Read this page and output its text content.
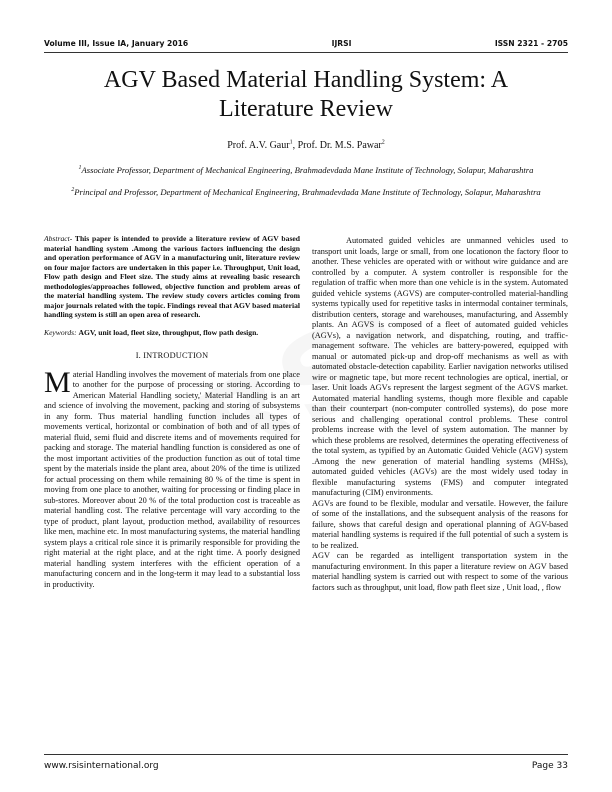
Volume III, Issue IA, January 2016	IJRSI	ISSN 2321 - 2705
AGV Based Material Handling System: A Literature Review
Prof. A.V. Gaur$^1$, Prof. Dr. M.S. Pawar$^2$
$^1$Associate Professor, Department of Mechanical Engineering, Brahmadevdada Mane Institute of Technology, Solapur, Maharashtra
$^2$Principal and Professor, Department of Mechanical Engineering, Brahmadevdada Mane Institute of Technology, Solapur, Maharashtra

Abstract- This paper is intended to provide a literature review of AGV based material handling system .Among the various factors influencing the design and operation performance of AGV in a manufacturing unit, literature review on four major factors are undertaken in this paper i.e. Throughput, Unit load, Flow path design and Fleet size. The study aims at revealing basic research methodologies/approaches followed, objective function and problem areas of the material handling system. The review study covers articles coming from major journals related with the topic. Findings reveal that AGV based material handling system is still an open area of research.

Keywords: AGV, unit load, fleet size, throughput, flow path design.

I. INTRODUCTION

Material Handling involves the movement of materials from one place to another for the purpose of processing or storing. According to American Material Handling society,' Material Handling is an art and science of involving the movement, packing and storing of subsystems in any form. Thus material handling function includes all types of movements vertical, horizontal or combination of both and of all types of material fluid, semi fluid and discrete items and of movements required for packing and storage. The material handling function is considered as one of the most important activities of the production function as out of total time spent by the materials inside the plant area, about 20% of the time is utilized for actual processing on them while remaining 80 % of the time is spent in moving from one place to another, waiting for processing or finding place in sub-stores. Moreover about 20 % of the total production cost is traceable as material handling cost. The relative percentage will vary according to the type of product, plant layout, production method, availability of resources like men, machine etc. In most manufacturing systems, the material handling system plays a critical role since it is primarily responsible for providing the right material at the right place, and at the right time. A poorly designed material handling system interferes with the efficient operation of a manufacturing concern and in the long-term it may lead to a substantial loss in productivity.

Automated guided vehicles are unmanned vehicles used to transport unit loads, large or small, from one locationon the factory floor to another. These vehicles are operated with or without wire guidance and are controlled by a computer. A system controller is responsible for the regulation of traffic when more than one vehicle is in the system. Automated guided vehicle systems (AGVS) are computer-controlled material-handling systems typically used for repetitive tasks in intermodal container terminals, distribution centers, storage and warehouses, manufacturing, and Assembly plants. An AGVS is composed of a fleet of automated guided vehicles (AGVs), a navigation network, and dispatching, routing, and traffic-management software. The vehicles are battery-powered, equipped with manual or automated pick-up and drop-off mechanisms as well as with automated obstacle-detection capability. Earlier navigation networks utilised wire or magnetic tape, but more recent technologies are optical, inertial, or laser. Unit loads AGVs represent the largest segment of the AGVS market. Automated material handling systems, though more flexible and capable than their counterpart (non-computer controlled systems), do pose more serious and challenging operational control problems. These control problems increase with the level of system automation. The manner by which these problems are resolved, determines the operating effectiveness of the total system, as typified by an Automatic Guided Vehicle (AGV) system .Among the new generation of material handling systems (MHSs), automated guided vehicles (AGVs) are the most widely used today in flexible manufacturing systems (FMS) and computer integrated manufacturing (CIM) environments.

AGVs are found to be flexible, modular and versatile. However, the failure of some of the installations, and the subsequent analysis of the reasons for failure, shows that careful design and operational planning of AGV-based material handling systems is required if the full potential of such a system is to be realized.

AGV can be regarded as intelligent transportation system in the manufacturing environment. In this paper a literature review on AGV based material handling system is carried out with respect to some of the various factors such as throughput, unit load, flow path fleet size , Unit load, , flow

www.rsisinternational.org	Page 33
